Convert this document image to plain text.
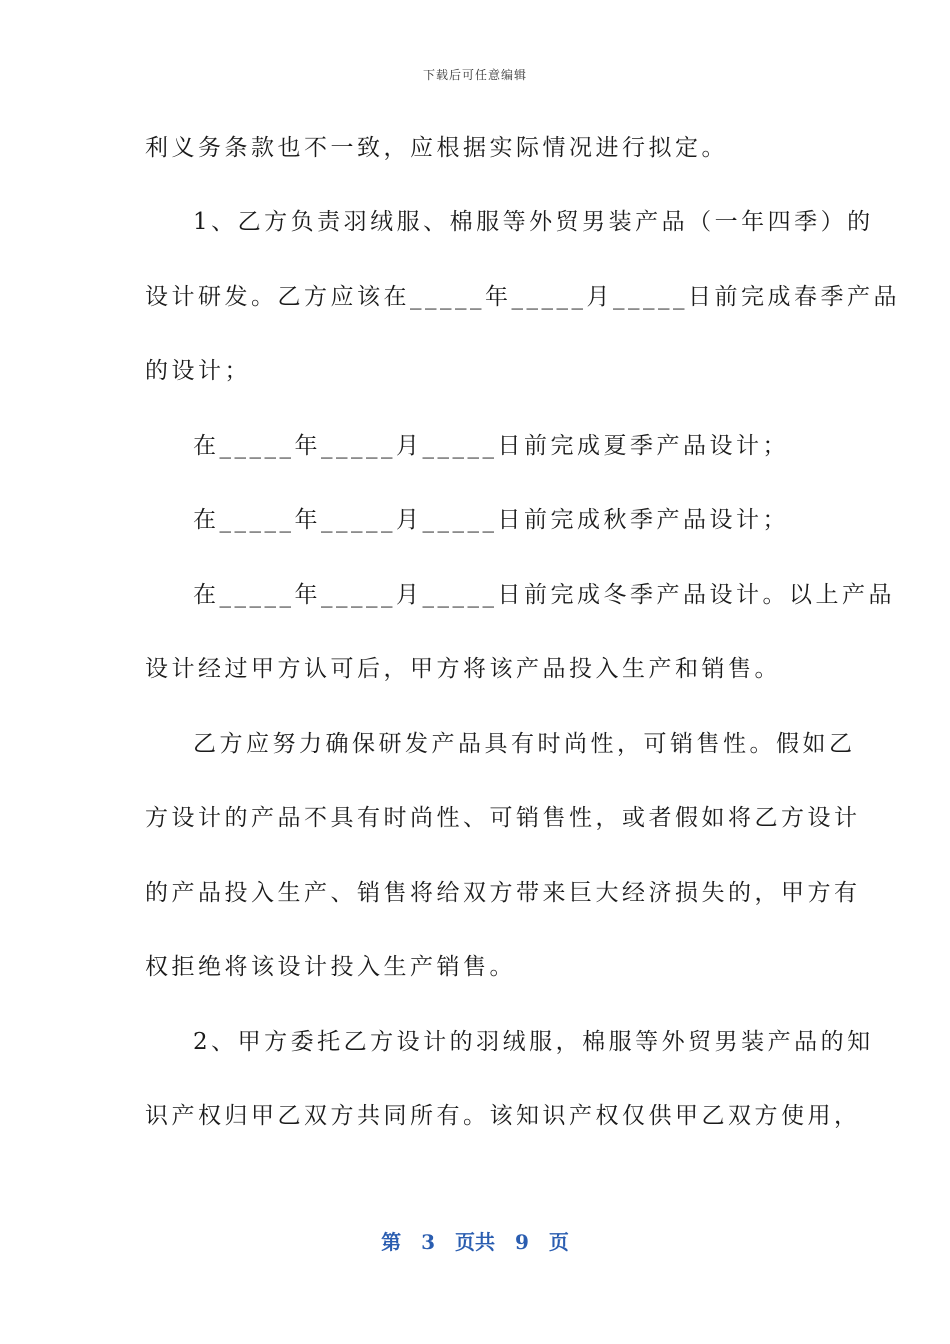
下载后可任意编辑
利义务条款也不一致，应根据实际情况进行拟定。
1、乙方负责羽绒服、棉服等外贸男装产品（一年四季）的
设计研发。乙方应该在_____年_____月_____日前完成春季产品
的设计；
在_____年_____月_____日前完成夏季产品设计；
在_____年_____月_____日前完成秋季产品设计；
在_____年_____月_____日前完成冬季产品设计。以上产品
设计经过甲方认可后，甲方将该产品投入生产和销售。
乙方应努力确保研发产品具有时尚性，可销售性。假如乙
方设计的产品不具有时尚性、可销售性，或者假如将乙方设计
的产品投入生产、销售将给双方带来巨大经济损失的，甲方有
权拒绝将该设计投入生产销售。
2、甲方委托乙方设计的羽绒服，棉服等外贸男装产品的知
识产权归甲乙双方共同所有。该知识产权仅供甲乙双方使用，
第 3 页共 9 页
